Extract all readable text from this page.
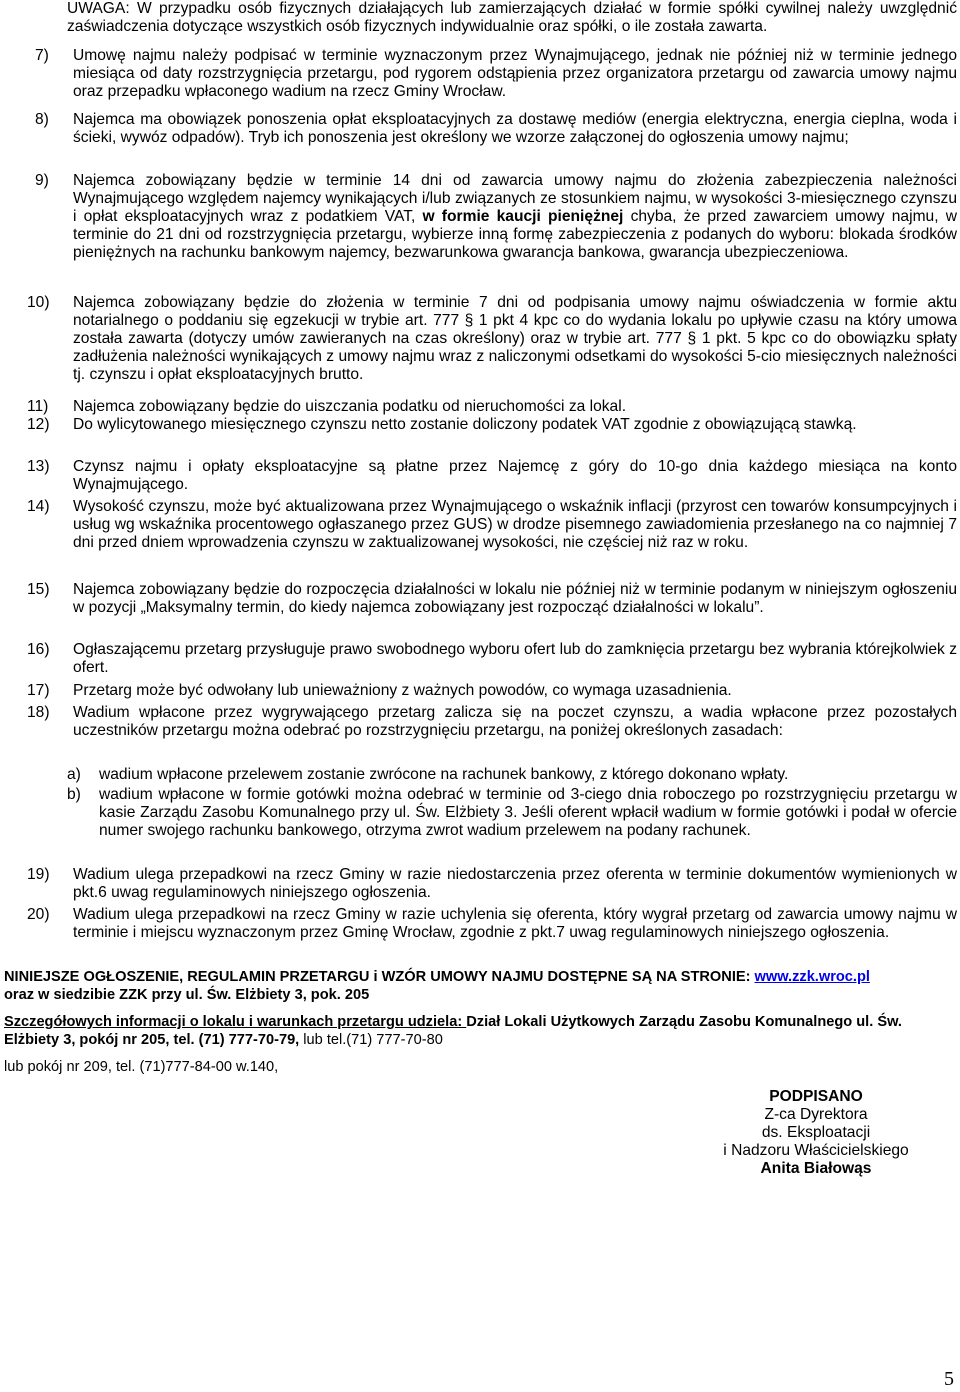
UWAGA: W przypadku osób fizycznych działających lub zamierzających działać w formie spółki cywilnej należy uwzględnić zaświadczenia dotyczące wszystkich osób fizycznych indywidualnie oraz spółki, o ile została zawarta.
7) Umowę najmu należy podpisać w terminie wyznaczonym przez Wynajmującego, jednak nie później niż w terminie jednego miesiąca od daty rozstrzygnięcia przetargu, pod rygorem odstąpienia przez organizatora przetargu od zawarcia umowy najmu oraz przepadku wpłaconego wadium na rzecz Gminy Wrocław.
8) Najemca ma obowiązek ponoszenia opłat eksploatacyjnych za dostawę mediów (energia elektryczna, energia cieplna, woda i ścieki, wywóz odpadów). Tryb ich ponoszenia jest określony we wzorze załączonej do ogłoszenia umowy najmu;
9) Najemca zobowiązany będzie w terminie 14 dni od zawarcia umowy najmu do złożenia zabezpieczenia należności Wynajmującego względem najemcy wynikających i/lub związanych ze stosunkiem najmu, w wysokości 3-miesięcznego czynszu i opłat eksploatacyjnych wraz z podatkiem VAT, w formie kaucji pieniężnej chyba, że przed zawarciem umowy najmu, w terminie do 21 dni od rozstrzygnięcia przetargu, wybierze inną formę zabezpieczenia z podanych do wyboru: blokada środków pieniężnych na rachunku bankowym najemcy, bezwarunkowa gwarancja bankowa, gwarancja ubezpieczeniowa.
10) Najemca zobowiązany będzie do złożenia w terminie 7 dni od podpisania umowy najmu oświadczenia w formie aktu notarialnego o poddaniu się egzekucji w trybie art. 777 § 1 pkt 4 kpc co do wydania lokalu po upływie czasu na który umowa została zawarta (dotyczy umów zawieranych na czas określony) oraz w trybie art. 777 § 1 pkt. 5 kpc co do obowiązku spłaty zadłużenia należności wynikających z umowy najmu wraz z naliczonymi odsetkami do wysokości 5-cio miesięcznych należności tj. czynszu i opłat eksploatacyjnych brutto.
11) Najemca zobowiązany będzie do uiszczania podatku od nieruchomości za lokal.
12) Do wylicytowanego miesięcznego czynszu netto zostanie doliczony podatek VAT zgodnie z obowiązującą stawką.
13) Czynsz najmu i opłaty eksploatacyjne są płatne przez Najemcę z góry do 10-go dnia każdego miesiąca na konto Wynajmującego.
14) Wysokość czynszu, może być aktualizowana przez Wynajmującego o wskaźnik inflacji (przyrost cen towarów konsumpcyjnych i usług wg wskaźnika procentowego ogłaszanego przez GUS) w drodze pisemnego zawiadomienia przesłanego na co najmniej 7 dni przed dniem wprowadzenia czynszu w zaktualizowanej wysokości, nie częściej niż raz w roku.
15) Najemca zobowiązany będzie do rozpoczęcia działalności w lokalu nie później niż w terminie podanym w niniejszym ogłoszeniu w pozycji „Maksymalny termin, do kiedy najemca zobowiązany jest rozpocząć działalności w lokalu”.
16) Ogłaszającemu przetarg przysługuje prawo swobodnego wyboru ofert lub do zamknięcia przetargu bez wybrania którejkolwiek z ofert.
17) Przetarg może być odwołany lub unieważniony z ważnych powodów, co wymaga uzasadnienia.
18) Wadium wpłacone przez wygrywającego przetarg zalicza się na poczet czynszu, a wadia wpłacone przez pozostałych uczestników przetargu można odebrać po rozstrzygnięciu przetargu, na poniżej określonych zasadach:
a) wadium wpłacone przelewem zostanie zwrócone na rachunek bankowy, z którego dokonano wpłaty.
b) wadium wpłacone w formie gotówki można odebrać w terminie od 3-ciego dnia roboczego po rozstrzygnięciu przetargu w kasie Zarządu Zasobu Komunalnego przy ul. Św. Elżbiety 3. Jeśli oferent wpłacił wadium w formie gotówki i podał w ofercie numer swojego rachunku bankowego, otrzyma zwrot wadium przelewem na podany rachunek.
19) Wadium ulega przepadkowi na rzecz Gminy w razie niedostarczenia przez oferenta w terminie dokumentów wymienionych w pkt.6 uwag regulaminowych niniejszego ogłoszenia.
20) Wadium ulega przepadkowi na rzecz Gminy w razie uchylenia się oferenta, który wygrał przetarg od zawarcia umowy najmu w terminie i miejscu wyznaczonym przez Gminę Wrocław, zgodnie z pkt.7 uwag regulaminowych niniejszego ogłoszenia.
NINIEJSZE OGŁOSZENIE, REGULAMIN PRZETARGU i WZÓR UMOWY NAJMU DOSTĘPNE SĄ NA STRONIE: www.zzk.wroc.pl
oraz w siedzibie ZZK przy ul. Św. Elżbiety 3, pok. 205
Szczegółowych informacji o lokalu i warunkach przetargu udziela: Dział Lokali Użytkowych Zarządu Zasobu Komunalnego ul. Św. Elżbiety 3, pokój nr 205, tel. (71) 777-70-79, lub tel.(71) 777-70-80
lub pokój nr 209, tel. (71)777-84-00 w.140,
PODPISANO
Z-ca Dyrektora
ds. Eksploatacji
i Nadzoru Właścicielskiego
Anita Białowąs
5
